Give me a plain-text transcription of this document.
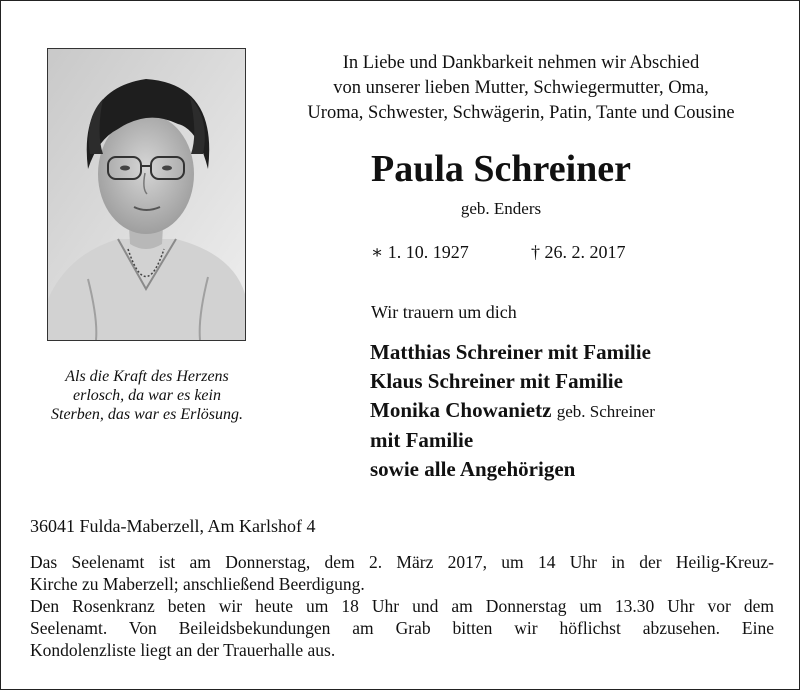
Als die Kraft des Herzens
erlosch, da war es kein
Sterben, das war es Erlösung.

In Liebe und Dankbarkeit nehmen wir Abschied
von unserer lieben Mutter, Schwiegermutter, Oma,
Uroma, Schwester, Schwägerin, Patin, Tante und Cousine

Paula Schreiner

geb. Enders

∗ 1. 10. 1927	† 26. 2. 2017

Wir trauern um dich

Matthias Schreiner mit Familie
Klaus Schreiner mit Familie
Monika Chowanietz geb. Schreiner
mit Familie
sowie alle Angehörigen

36041 Fulda-Maberzell, Am Karlshof 4

Das Seelenamt ist am Donnerstag, dem 2. März 2017, um 14 Uhr in der Heilig-Kreuz-
Kirche zu Maberzell; anschließend Beerdigung.
Den Rosenkranz beten wir heute um 18 Uhr und am Donnerstag um 13.30 Uhr vor dem
Seelenamt. Von Beileidsbekundungen am Grab bitten wir höflichst abzusehen. Eine
Kondolenzliste liegt an der Trauerhalle aus.
